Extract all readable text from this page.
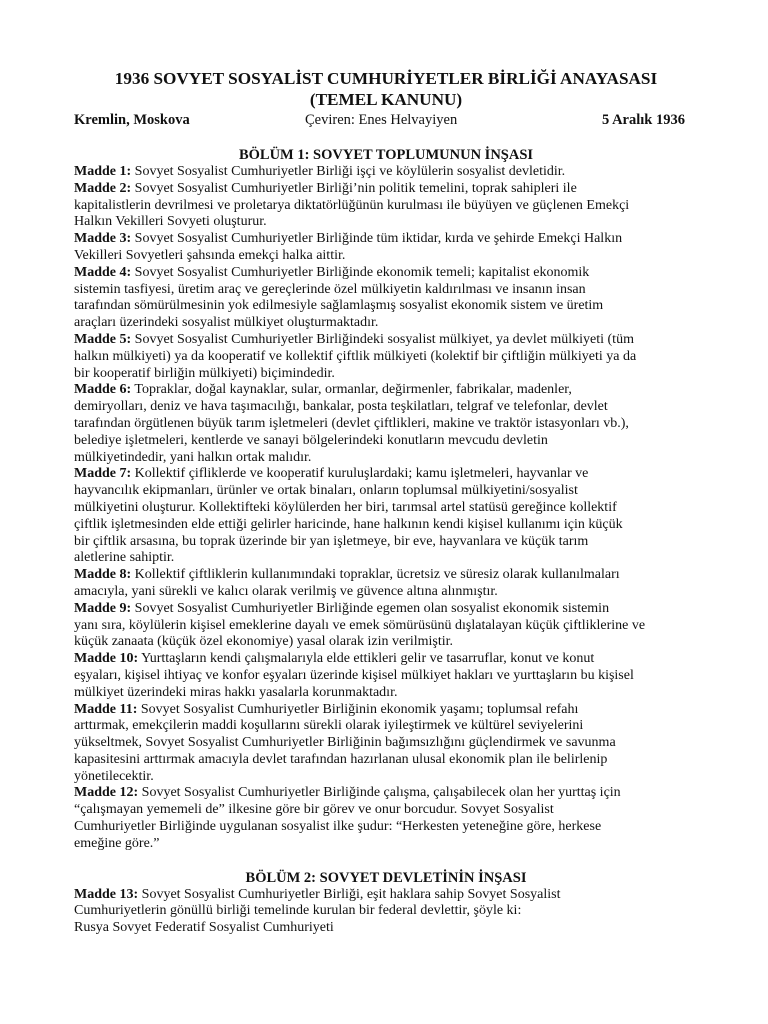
1936 SOVYET SOSYALİST CUMHURİYETLER BİRLİĞİ ANAYASASI

(TEMEL KANUNU)

Kremlin, Moskova	Çeviren: Enes Helvayiyen	5 Aralık 1936

BÖLÜM 1: SOVYET TOPLUMUNUN İNŞASI

Madde 1: Sovyet Sosyalist Cumhuriyetler Birliği işçi ve köylülerin sosyalist devletidir.
Madde 2: Sovyet Sosyalist Cumhuriyetler Birliği’nin politik temelini, toprak sahipleri ile
kapitalistlerin devrilmesi ve proletarya diktatörlüğünün kurulması ile büyüyen ve güçlenen Emekçi
Halkın Vekilleri Sovyeti oluşturur.
Madde 3: Sovyet Sosyalist Cumhuriyetler Birliğinde tüm iktidar, kırda ve şehirde Emekçi Halkın
Vekilleri Sovyetleri şahsında emekçi halka aittir.
Madde 4: Sovyet Sosyalist Cumhuriyetler Birliğinde ekonomik temeli; kapitalist ekonomik
sistemin tasfiyesi, üretim araç ve gereçlerinde özel mülkiyetin kaldırılması ve insanın insan
tarafından sömürülmesinin yok edilmesiyle sağlamlaşmış sosyalist ekonomik sistem ve üretim
araçları üzerindeki sosyalist mülkiyet oluşturmaktadır.
Madde 5: Sovyet Sosyalist Cumhuriyetler Birliğindeki sosyalist mülkiyet, ya devlet mülkiyeti (tüm
halkın mülkiyeti) ya da kooperatif ve kollektif çiftlik mülkiyeti (kolektif bir çiftliğin mülkiyeti ya da
bir kooperatif birliğin mülkiyeti) biçimindedir.
Madde 6: Topraklar, doğal kaynaklar, sular, ormanlar, değirmenler, fabrikalar, madenler,
demiryolları, deniz ve hava taşımacılığı, bankalar, posta teşkilatları, telgraf ve telefonlar, devlet
tarafından örgütlenen büyük tarım işletmeleri (devlet çiftlikleri, makine ve traktör istasyonları vb.),
belediye işletmeleri, kentlerde ve sanayi bölgelerindeki konutların mevcudu devletin
mülkiyetindedir, yani halkın ortak malıdır.
Madde 7: Kollektif çifliklerde ve kooperatif kuruluşlardaki; kamu işletmeleri, hayvanlar ve
hayvancılık ekipmanları, ürünler ve ortak binaları, onların toplumsal mülkiyetini/sosyalist
mülkiyetini oluşturur. Kollektifteki köylülerden her biri, tarımsal artel statüsü gereğince kollektif
çiftlik işletmesinden elde ettiği gelirler haricinde, hane halkının kendi kişisel kullanımı için küçük
bir çiftlik arsasına, bu toprak üzerinde bir yan işletmeye, bir eve, hayvanlara ve küçük tarım
aletlerine sahiptir.
Madde 8: Kollektif çiftliklerin kullanımındaki topraklar, ücretsiz ve süresiz olarak kullanılmaları
amacıyla, yani sürekli ve kalıcı olarak verilmiş ve güvence altına alınmıştır.
Madde 9: Sovyet Sosyalist Cumhuriyetler Birliğinde egemen olan sosyalist ekonomik sistemin
yanı sıra, köylülerin kişisel emeklerine dayalı ve emek sömürüsünü dışlatalayan küçük çiftliklerine ve
küçük zanaata (küçük özel ekonomiye) yasal olarak izin verilmiştir.
Madde 10: Yurttaşların kendi çalışmalarıyla elde ettikleri gelir ve tasarruflar, konut ve konut
eşyaları, kişisel ihtiyaç ve konfor eşyaları üzerinde kişisel mülkiyet hakları ve yurttaşların bu kişisel
mülkiyet üzerindeki miras hakkı yasalarla korunmaktadır.
Madde 11: Sovyet Sosyalist Cumhuriyetler Birliğinin ekonomik yaşamı; toplumsal refahı
arttırmak, emekçilerin maddi koşullarını sürekli olarak iyileştirmek ve kültürel seviyelerini
yükseltmek, Sovyet Sosyalist Cumhuriyetler Birliğinin bağımsızlığını güçlendirmek ve savunma
kapasitesini arttırmak amacıyla devlet tarafından hazırlanan ulusal ekonomik plan ile belirlenip
yönetilecektir.
Madde 12: Sovyet Sosyalist Cumhuriyetler Birliğinde çalışma, çalışabilecek olan her yurttaş için
“çalışmayan yememeli de” ilkesine göre bir görev ve onur borcudur. Sovyet Sosyalist
Cumhuriyetler Birliğinde uygulanan sosyalist ilke şudur: “Herkesten yeteneğine göre, herkese
emeğine göre.”

BÖLÜM 2: SOVYET DEVLETİNİN İNŞASI

Madde 13: Sovyet Sosyalist Cumhuriyetler Birliği, eşit haklara sahip Sovyet Sosyalist
Cumhuriyetlerin gönüllü birliği temelinde kurulan bir federal devlettir, şöyle ki:
Rusya Sovyet Federatif Sosyalist Cumhuriyeti
